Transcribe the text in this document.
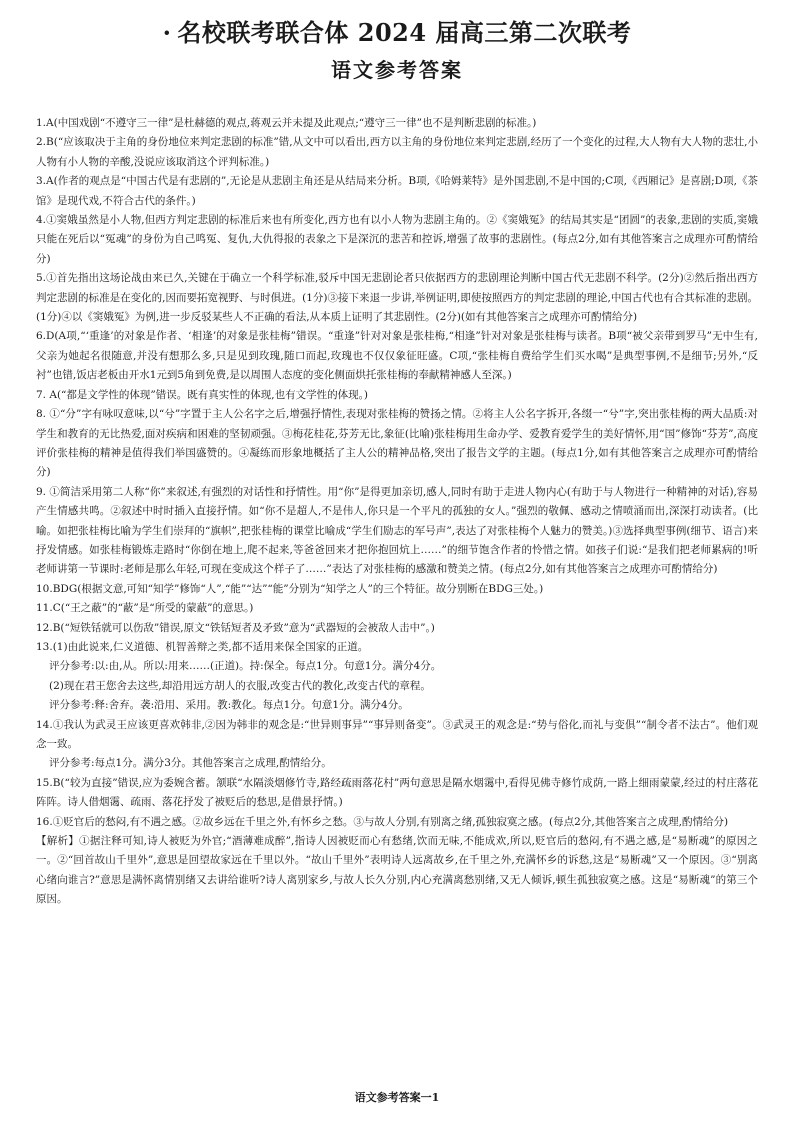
· 名校联考联合体 2024 届高三第二次联考
语文参考答案

1.A(中国戏剧“不遵守三一律”是杜赫德的观点,蒋观云并未提及此观点;“遵守三一律”也不是判断悲剧的标准。)

2.B(“应该取决于主角的身份地位来判定悲剧的标准”错,从文中可以看出,西方以主角的身份地位来判定悲剧,经历了一个变化的过程,大人物有大人物的悲壮,小人物有小人物的辛酸,没说应该取消这个评判标准。)

3.A(作者的观点是“中国古代是有悲剧的”,无论是从悲剧主角还是从结局来分析。B项,《哈姆莱特》是外国悲剧,不是中国的;C项,《西厢记》是喜剧;D项,《茶馆》是现代戏,不符合古代的条件。)

4.①窦娥虽然是小人物,但西方判定悲剧的标准后来也有所变化,西方也有以小人物为悲剧主角的。②《窦娥冤》的结局其实是“团圆”的表象,悲剧的实质,窦娥只能在死后以“冤魂”的身份为自己鸣冤、复仇,大仇得报的表象之下是深沉的悲苦和控诉,增强了故事的悲剧性。(每点2分,如有其他答案言之成理亦可酌情给分)

5.①首先指出这场论战由来已久,关键在于确立一个科学标准,驳斥中国无悲剧论者只依据西方的悲剧理论判断中国古代无悲剧不科学。(2分)②然后指出西方判定悲剧的标准是在变化的,因而要拓宽视野、与时俱进。(1分)③接下来退一步讲,举例证明,即使按照西方的判定悲剧的理论,中国古代也有合其标准的悲剧。(1分)④以《窦娥冤》为例,进一步反驳某些人不正确的看法,从本质上证明了其悲剧性。(2分)(如有其他答案言之成理亦可酌情给分)

6.D(A项,“‘重逢’的对象是作者、‘相逢’的对象是张桂梅”错误。“重逢”针对对象是张桂梅,“相逢”针对对象是张桂梅与读者。B项“被父亲带到罗马”无中生有,父亲为她起名很随意,并没有想那么多,只是见到玫瑰,随口而起,玫瑰也不仅仅象征旺盛。C项,“张桂梅自费给学生们买水喝”是典型事例,不是细节;另外,“反衬”也错,饭店老板由开水1元到5角到免费,是以周围人态度的变化侧面烘托张桂梅的奉献精神感人至深。)

7. A(“都是文学性的体现”错误。既有真实性的体现,也有文学性的体现。)

8. ①“分”字有咏叹意味,以“兮”字置于主人公名字之后,增强抒情性,表现对张桂梅的赞扬之情。②将主人公名字拆开,各缀一“兮”字,突出张桂梅的两大品质:对学生和教育的无比热爱,面对疾病和困难的坚韧顽强。③梅花桂花,芬芳无比,象征(比喻)张桂梅用生命办学、爱教育爱学生的美好情怀,用“国”修饰“芬芳”,高度评价张桂梅的精神是值得我们举国盛赞的。④凝练而形象地概括了主人公的精神品格,突出了报告文学的主题。(每点1分,如有其他答案言之成理亦可酌情给分)

9. ①简洁采用第二人称“你”来叙述,有强烈的对话性和抒情性。用“你”是得更加亲切,感人,同时有助于走进人物内心(有助于与人物进行一种精神的对话),容易产生情感共鸣。②叙述中时时插入直接抒情。如“你不是超人,不是伟人,你只是一个平凡的孤独的女人。”强烈的敬佩、感动之情喷涌而出,深深打动读者。(比喻。如把张桂梅比喻为学生们崇拜的“旗帜”,把张桂梅的课堂比喻成“学生们励志的军号声”,表达了对张桂梅个人魅力的赞美。)③选择典型事例(细节、语言)来抒发情感。如张桂梅锻炼走路时“你倒在地上,爬不起来,等爸爸回来才把你抱回炕上……”的细节饱含作者的怜惜之情。如孩子们说:“是我们把老师累病的!听老师讲第一节课时:老师是那么年轻,可现在变成这个样子了……”表达了对张桂梅的感激和赞美之情。(每点2分,如有其他答案言之成理亦可酌情给分)

10.BDG(根据文意,可知“知学”修饰“人”,“能”“达”“能”分别为“知学之人”的三个特征。故分别断在BDG三处。)

11.C(“王之蔽”的“蔽”是“所受的蒙蔽”的意思。)

12.B(“短铁铦就可以伤敌”错误,原文“铁铦短者及矛致”意为“武器短的会被敌人击中”。)

13.(1)由此说来,仁义道德、机智善辩之类,都不适用来保全国家的正道。

评分参考:以:由,从。所以:用来……(正道)。持:保全。每点1分。句意1分。满分4分。

(2)现在君王您舍去这些,却沿用远方胡人的衣服,改变古代的教化,改变古代的章程。

评分参考:释:舍弃。袭:沿用、采用。教:教化。每点1分。句意1分。满分4分。

14.①我认为武灵王应该更喜欢韩非,②因为韩非的观念是:“世异则事异”“事异则备变”。③武灵王的观念是:“势与俗化,而礼与变俱”“制令者不法古”。他们观念一致。

评分参考:每点1分。满分3分。其他答案言之成理,酌情给分。

15.B(“较为直接”错误,应为委婉含蓄。颔联“水隔淡烟修竹寺,路经疏雨落花村”两句意思是隔水烟霭中,看得见佛寺修竹成荫,一路上细雨蒙蒙,经过的村庄落花阵阵。诗人借烟霭、疏雨、落花抒发了被贬后的愁思,是借景抒情。)

16.①贬官后的愁闷,有不遇之感。②故乡远在千里之外,有怀乡之愁。③与故人分别,有别离之绪,孤独寂寞之感。(每点2分,其他答案言之成理,酌情给分)

【解析】①据注释可知,诗人被贬为外官;“酒薄难成醉”,指诗人因被贬而心有愁绪,饮而无味,不能成欢,所以,贬官后的愁闷,有不遇之感,是“易断魂”的原因之一。②“回首故山千里外”,意思是回望故家远在千里以外。“故山千里外”表明诗人远离故乡,在千里之外,充满怀乡的诉愁,这是“易断魂”又一个原因。③“别离心绪向谁言?”意思是满怀离情别绪又去讲给谁听?诗人离别家乡,与故人长久分别,内心充满离愁别绪,又无人倾诉,顿生孤独寂寞之感。这是“易断魂”的第三个原因。

语文参考答案一1
